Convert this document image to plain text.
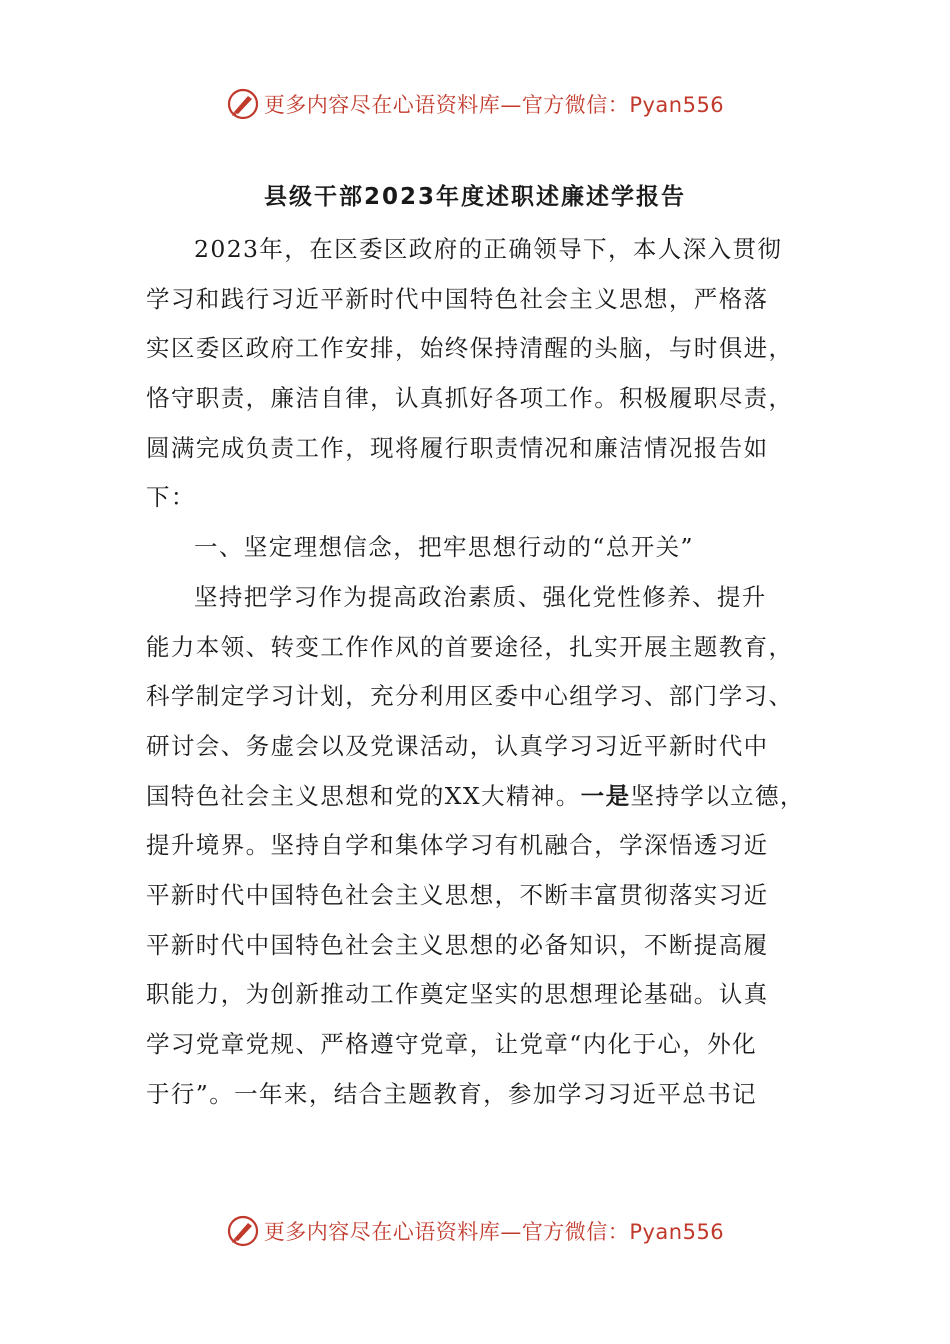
更多内容尽在心语资料库—官方微信：Pyan556
县级干部2023年度述职述廉述学报告
2023年，在区委区政府的正确领导下，本人深入贯彻
学习和践行习近平新时代中国特色社会主义思想，严格落
实区委区政府工作安排，始终保持清醒的头脑，与时俱进，
恪守职责，廉洁自律，认真抓好各项工作。积极履职尽责，
圆满完成负责工作，现将履行职责情况和廉洁情况报告如
下：
一、坚定理想信念，把牢思想行动的“总开关”
坚持把学习作为提高政治素质、强化党性修养、提升
能力本领、转变工作作风的首要途径，扎实开展主题教育，
科学制定学习计划，充分利用区委中心组学习、部门学习、
研讨会、务虚会以及党课活动，认真学习习近平新时代中
国特色社会主义思想和党的XX大精神。一是坚持学以立德，
提升境界。坚持自学和集体学习有机融合，学深悟透习近
平新时代中国特色社会主义思想，不断丰富贯彻落实习近
平新时代中国特色社会主义思想的必备知识，不断提高履
职能力，为创新推动工作奠定坚实的思想理论基础。认真
学习党章党规、严格遵守党章，让党章“内化于心，外化
于行”。一年来，结合主题教育，参加学习习近平总书记
更多内容尽在心语资料库—官方微信：Pyan556
